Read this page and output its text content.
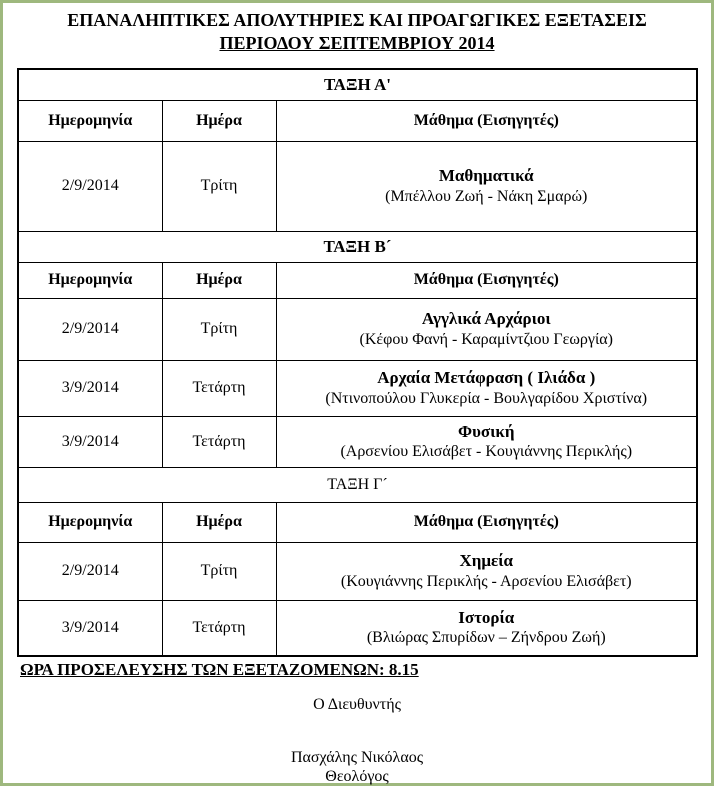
ΕΠΑΝΑΛΗΠΤΙΚΕΣ ΑΠΟΛΥΤΗΡΙΕΣ ΚΑΙ ΠΡΟΑΓΩΓΙΚΕΣ ΕΞΕΤΑΣΕΙΣ
ΠΕΡΙΟΔΟΥ ΣΕΠΤΕΜΒΡΙΟΥ 2014
ΤΑΞΗ Α'		
Ημερομηνία	Ημέρα	Μάθημα (Εισηγητές)
2/9/2014	Τρίτη	Μαθηματικά
(Μπέλλου Ζωή - Νάκη Σμαρώ)

ΤΑΞΗ Β´		
Ημερομηνία	Ημέρα	Μάθημα (Εισηγητές)
2/9/2014	Τρίτη	Αγγλικά Αρχάριοι
(Κέφου Φανή - Καραμίντζιου Γεωργία)

3/9/2014	Τετάρτη	Αρχαία Μετάφραση ( Ιλιάδα )
(Ντινοπούλου Γλυκερία - Βουλγαρίδου Χριστίνα)

3/9/2014	Τετάρτη	Φυσική
(Αρσενίου Ελισάβετ - Κουγιάννης Περικλής)

ΤΑΞΗ Γ´		
Ημερομηνία	Ημέρα	Μάθημα (Εισηγητές)
2/9/2014	Τρίτη	Χημεία
(Κουγιάννης Περικλής - Αρσενίου Ελισάβετ)

3/9/2014	Τετάρτη	Ιστορία
(Βλιώρας Σπυρίδων – Ζήνδρου Ζωή)
ΩΡΑ ΠΡΟΣΕΛΕΥΣΗΣ ΤΩΝ ΕΞΕΤΑΖΟΜΕΝΩΝ: 8.15
Ο Διευθυντής
Πασχάλης Νικόλαος
Θεολόγος
